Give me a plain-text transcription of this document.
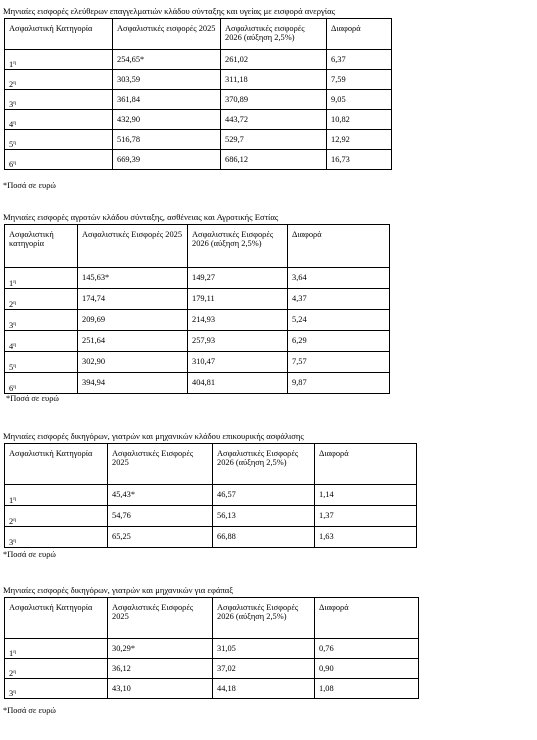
Μηνιαίες εισφορές ελεύθερων επαγγελματιών κλάδου σύνταξης και υγείας με εισφορά ανεργίας
Ασφαλιστική Κατηγορία	Ασφαλιστικές εισφορές 2025	Ασφαλιστικές εισφορές 2026 (αύξηση 2,5%)	Διαφορά
$1^\eta$	254,65*	261,02	6,37
$2^\eta$	303,59	311,18	7,59
$3^\eta$	361,84	370,89	9,05
$4^\eta$	432,90	443,72	10,82
$5^\eta$	516,78	529,7	12,92
$6^\eta$	669,39	686,12	16,73
*Ποσά σε ευρώ
Μηνιαίες εισφορές αγροτών κλάδου σύνταξης, ασθένειας και Αγροτικής Εστίας
Ασφαλιστική κατηγορία	Ασφαλιστικές Εισφορές 2025	Ασφαλιστικές Εισφορές 2026 (αύξηση 2,5%)	Διαφορά
$1^\eta$	145,63*	149,27	3,64
$2^\eta$	174,74	179,11	4,37
$3^\eta$	209,69	214,93	5,24
$4^\eta$	251,64	257,93	6,29
$5^\eta$	302,90	310,47	7,57
$6^\eta$	394,94	404,81	9,87
*Ποσά σε ευρώ
Μηνιαίες εισφορές δικηγόρων, γιατρών και μηχανικών κλάδου επικουρικής ασφάλισης
Ασφαλιστική Κατηγορία	Ασφαλιστικές Εισφορές 2025	Ασφαλιστικές Εισφορές 2026 (αύξηση 2,5%)	Διαφορά
$1^\eta$	45,43*	46,57	1,14
$2^\eta$	54,76	56,13	1,37
$3^\eta$	65,25	66,88	1,63
*Ποσά σε ευρώ
Μηνιαίες εισφορές δικηγόρων, γιατρών και μηχανικών για εφάπαξ
Ασφαλιστική Κατηγορία	Ασφαλιστικές Εισφορές 2025	Ασφαλιστικές Εισφορές 2026 (αύξηση 2,5%)	Διαφορά
$1^\eta$	30,29*	31,05	0,76
$2^\eta$	36,12	37,02	0,90
$3^\eta$	43,10	44,18	1,08
*Ποσά σε ευρώ
